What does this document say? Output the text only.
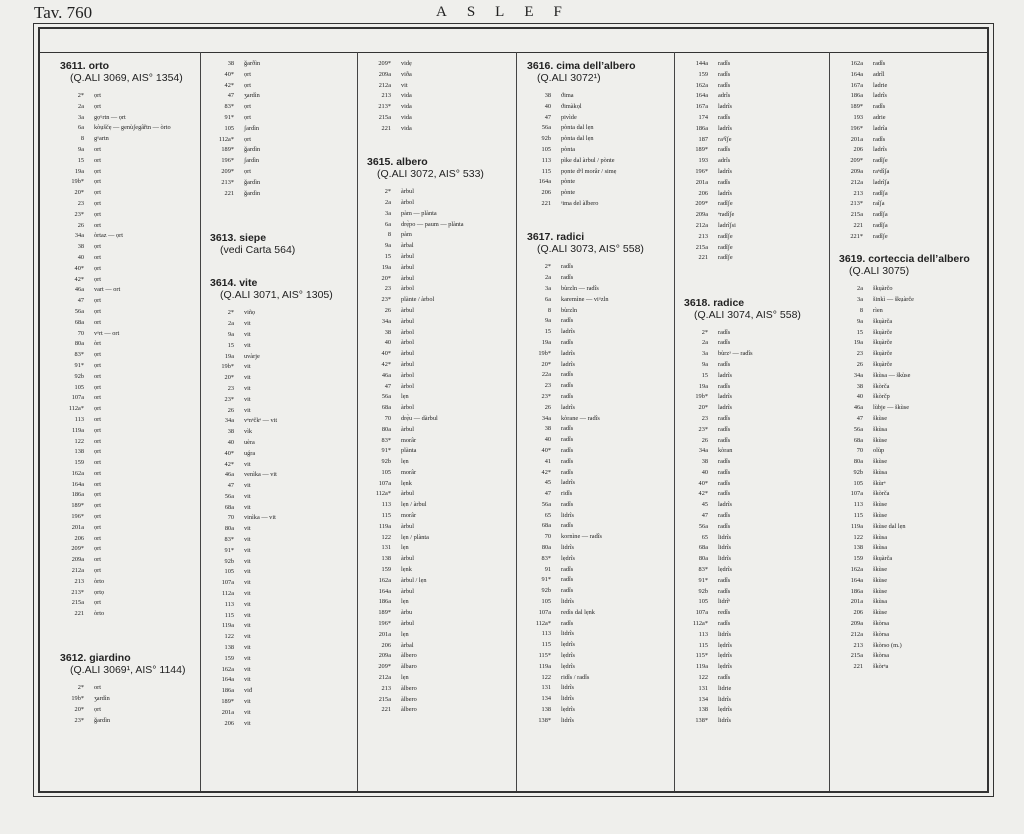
Tav. 760	ASLEF
3611. orto
(Q.ALI 3069, AIS° 1354)
2* ọrt
2a ọrt
3a gọᵘrtn — ọrt
6a kòụščẹ — genùʃegâřtn — òrto
8 gᵒartn
9a ort
15 ort
19a ọrt
19b* ọrt
20* ọrt
23 ọrt
23* ọrt
26 ort
34a òrtaz — ọrt
38 ọrt
40 ort
40* ọrt
42* ọrt
46a vart — ort
47 ọrt
56a ọrt
68a ort
70 vᵒrt — ort
80a òrt
83* ọrt
91* ọrt
92b ort
105 ọrt
107a ort
112a* ọrt
113 ort
119a ọrt
122 ort
138 ọrt
159 ort
162a ort
164a ort
186a ọrt
189* ọrt
196* ọrt
201a ọrt
206 ort
209* ọrt
209a ort
212a ọrt
213 òrto
213* ọrtọ
215a ọrt
221 òrto
3612. giardino
(Q.ALI 3069¹, AIS° 1144)
2* ort
19b* ʒardìn
20* ọrt
23* ǧardìn
38 ǧarðìn
40* ọrt
42* ọrt
47 ʒardìn
83* ọrt
91* ọrt
105 ʃardìn
112a* ọrt
189* ǧardìn
196* ʃardìn
209* ọrt
213* ǧardìn
221 ǧardìn
3613. siepe
(vedi Carta 564)
3614. vite
(Q.ALI 3071, AIS° 1305)
2* viñọ
2a vit
9a vit
15 vit
19a uvàrje
19b* vit
20* vit
23 vit
23* vit
26 vit
34a vᵉnᵉčkᵉ — vit
38 vìk
40 uèra
40* uǵra
42* vit
46a venìka — vit
47 vit
56a vit
68a vit
70 vinìka — vit
80a vit
83* vit
91* vit
92b vit
105 vit
107a vit
112a vit
113 vit
115 vit
119a vit
122 vit
138 vit
159 vit
162a vit
164a vit
186a viđ
189* vit
201a vit
206 vit
209* vidẹ
209a viða
212a vit
213 vida
213* vida
215a vida
221 vida
3615. albero
(Q.ALI 3072, AIS° 533)
2* àrbul
2a àrbol
3a pàm — plànta
6a drẹ̀po — paum — plànta
8 pàm
9a àrbal
15 àrbul
19a àrbul
20* àrbul
23 àrbol
23* plànte / àrbol
26 àrbul
34a àrbul
38 àrbol
40 àrbol
40* àrbul
42* àrbul
46a àrbol
47 àrbol
56a lẹn
68a àrbol
70 drẹ̀u — dàrbul
80a àrbul
83* morâr
91* plànta
92b lẹn
105 morâr
107a lẹnk
112a* àrbul
113 lẹn / àrbul
115 morâr
119a àrbul
122 lẹn / plànta
131 lẹn
138 àrbul
159 lẹnk
162a àrbul / lẹn
164a àrbul
186a lẹn
189* àrbu
196* àrbul
201a lẹn
206 àrbal
209a àlbero
209* àlbaro
212a lẹn
213 àlbero
215a àlbero
221 àlbero
3616. cima dell’albero
(Q.ALI 3072¹)
38 ϑima
40 ϑimàkọl
47 pivìde
56a pònta dal lẹn
92b pònta dal lẹn
105 pònta
113 pìke dal àrbul / pònte
115 pọnte dᵉl morâr / simẹ
164a pònte
206 pònte
221 ˢima del àlbero
3617. radici
(Q.ALI 3073, AIS° 558)
2* radîs
2a radîs
3a bùrzln — radîs
6a karemìne — viᵘzln
8 bùrzln
9a radîs
15 ladrîs
19a radîs
19b* ladrîs
20* ladrîs
22a radîs
23 radîs
23* radîs
26 ladrîs
34a kòrane — radîs
38 radîs
40 radîs
40* radîs
41 radîs
42* radîs
45 ladrîs
47 ridîs
56a radîs
65 lidrîs
68a radîs
70 kornìne — radîs
80a lidrîs
83* lẹdrîs
91 radîs
91* radîs
92b radîs
105 lidrîs
107a redìs dal lẹnk
112a* radîs
113 lidrîs
115 lẹdrîs
115* lẹdrîs
119a lẹdrîs
122 ridîs / radîs
131 lidrîs
134 lidrîs
138 lẹdrîs
138* lidrîs
144a radîs
159 radîs
162a radîs
164a adrîs
167a ladrîs
174 radîs
186a ladrîs
187 raᵈîʃe
189* radîs
193 adrîs
196* ladrîs
201a radîs
206 ladrîs
209* radîʃe
209a ᵉradîʃe
212a ladrîʃsi
213 radîʃe
215a radîʃe
221 radîʃe
3618. radice
(Q.ALI 3074, AIS° 558)
2* radîs
2a radîs
3a bùrzᵃ — radîs
9a radîs
15 ladrîs
19a radîs
19b* ladrîs
20* ladrîs
23 radîs
23* radîs
26 radîs
34a kòran
38 radîs
40 radîs
40* radîs
42* radîs
45 ladrîs
47 radîs
56a radîs
65 lidrîs
68a lidrîs
80a lidrîs
83* lẹdrîs
91* radîs
92b radîs
105 lidrîᵉ
107a redîs
112a* radîs
113 lidrîs
115 lẹdrîs
115* lẹdrîs
119a lẹdrîs
122 radîs
131 lidrie
134 lidrîs
138 lẹdrîs
138* lidrîs
162a radîs
164a adrîl
167a ladrie
186a ladrîs
189* radîs
193 adrie
196* ladrîa
201a radîs
206 ladrîs
209* radîʃe
209a raᵉdîʃa
212a ladrîʃa
213 radîʃa
213* raîʃa
215a radîʃa
221 radîʃa
221* radîʃe
3619. corteccia dell’albero
(Q.ALI 3075)
2a škụàrčo
3a šinkì — škụàrče
8 rìen
9a škụàrča
15 škụàrče
19a škụàrče
23 škụàrče
26 škụàrče
34a škùsa — škùse
38 škòrča
40 škòrčp
46a lùbje — škùse
47 škùse
56a škùsa
68a škùse
70 olùp
80a škùse
92b škùsa
105 škùrᵉ
107a škòrča
113 škùse
115 škùse
119a škùse dal lẹn
122 škùsa
138 škùsa
159 škụàrča
162a škùse
164a škùse
186a škùse
201a škùsa
206 škùse
209a škòrsa
212a škòrsa
213 škòrso (m.)
215a škòrsa
221 škòrᵉa
